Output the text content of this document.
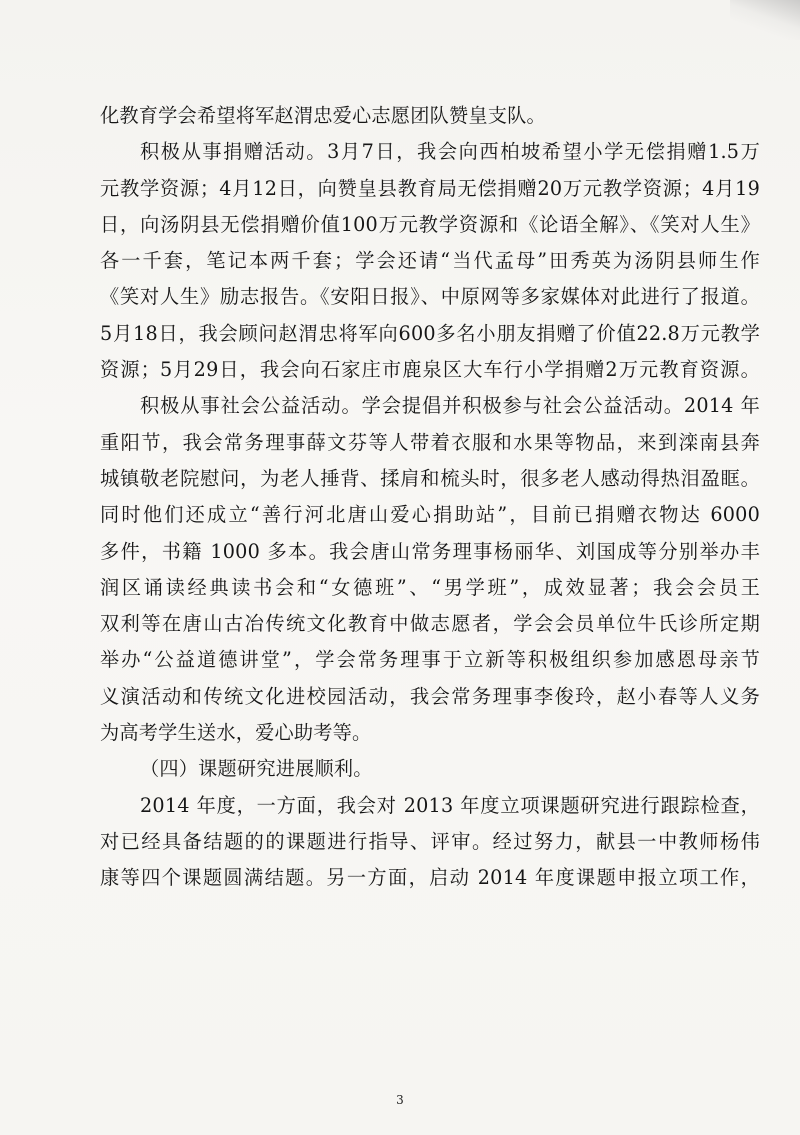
化教育学会希望将军赵渭忠爱心志愿团队赞皇支队。
积极从事捐赠活动。3月7日，我会向西柏坡希望小学无偿捐赠1.5万
元教学资源；4月12日，向赞皇县教育局无偿捐赠20万元教学资源；4月19
日，向汤阴县无偿捐赠价值100万元教学资源和《论语全解》、《笑对人生》
各一千套，笔记本两千套；学会还请“当代孟母”田秀英为汤阴县师生作
《笑对人生》励志报告。《安阳日报》、中原网等多家媒体对此进行了报道。
5月18日，我会顾问赵渭忠将军向600多名小朋友捐赠了价值22.8万元教学
资源；5月29日，我会向石家庄市鹿泉区大车行小学捐赠2万元教育资源。
积极从事社会公益活动。学会提倡并积极参与社会公益活动。2014 年
重阳节，我会常务理事薛文芬等人带着衣服和水果等物品，来到滦南县奔
城镇敬老院慰问，为老人捶背、揉肩和梳头时，很多老人感动得热泪盈眶。
同时他们还成立“善行河北唐山爱心捐助站”，目前已捐赠衣物达 6000
多件，书籍 1000 多本。我会唐山常务理事杨丽华、刘国成等分别举办丰
润区诵读经典读书会和“女德班”、“男学班”，成效显著；我会会员王
双利等在唐山古冶传统文化教育中做志愿者，学会会员单位牛氏诊所定期
举办“公益道德讲堂”，学会常务理事于立新等积极组织参加感恩母亲节
义演活动和传统文化进校园活动，我会常务理事李俊玲，赵小春等人义务
为高考学生送水，爱心助考等。
（四）课题研究进展顺利。
2014 年度，一方面，我会对 2013 年度立项课题研究进行跟踪检查，
对已经具备结题的的课题进行指导、评审。经过努力，献县一中教师杨伟
康等四个课题圆满结题。另一方面，启动 2014 年度课题申报立项工作，
3
